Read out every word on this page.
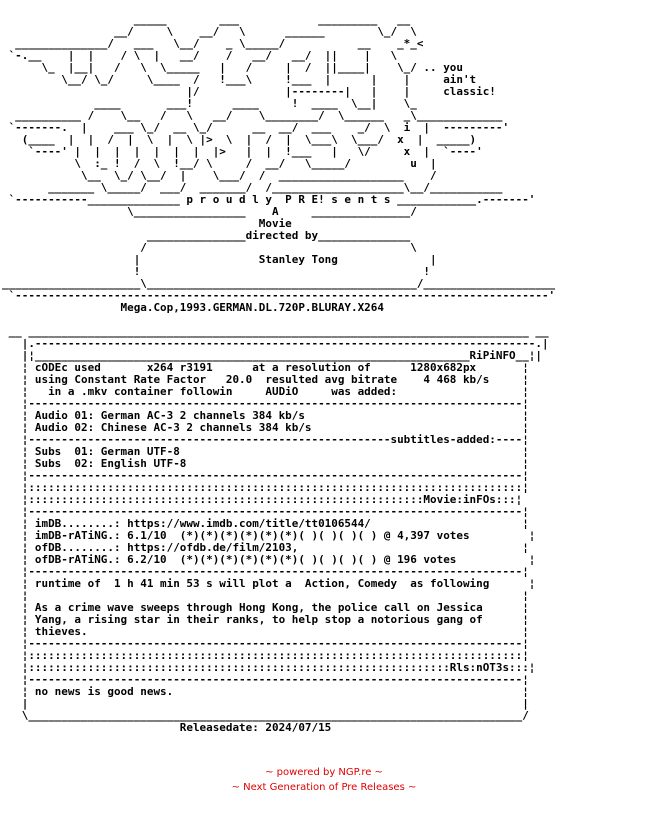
_____        ___            _________   __
__/     \    __/   \      ______        \_/  \
______________/   ___   \__/    _ \_____/           __    _*_<
`-.__    |  |    / \  |   __/    /   __/   __/  ||    |   \
\_  |__|   /   \  \_____   |   /     |  /  ||____|    \_/ .. you
\__/ \_/     \____  /   !___\     !___  |      |    |     ain't
|/             |--------|   |    |     classic!
____       ___!      ____     !  ____  \__|    \_
__________ /    \__   /   \   __/    \________/  \______   _\_____________
`-------.  |    ___ \_/  __ \_/      __  __/  ___    _/  \  i  |  ---------'
(____  |  |  /  |  \  |  \ |>  \  |  /  |  \___\  \___/  x  |  _____)
`----' |  |  |  |  |  |  |  |>   |  |  !___   |   \/     x  |  `----'
\  :_ !  /  \  !__/ \     /  __/   \_____/         u  |
\__  \_/ \__/  |    \___/  /  ___________________    /
_______ \_____/  ___/  _______/  /____________________\__/___________
`-----------______________ p r o u d l y  P R E! s e n t s ____________.-------'
\_________________    A     _______________/
Movie
_______________directed by______________
/                                        \
|                  Stanley Tong              |
!                                           !
_____________________\_________________________________________/____________________
`---------------------------------------------------------------------------------'
Mega.Cop,1993.GERMAN.DL.720P.BLURAY.X264

__ ____________________________________________________________________________ __
|.----------------------------------------------------------------------------.|
|¦__________________________________________________________________RiPiNFO__¦|
¦ cODEc used       x264 r3191      at a resolution of      1280x682px       ¦
¦ using Constant Rate Factor   20.0  resulted avg bitrate    4 468 kb/s     ¦
¦   in a .mkv container followin     AUDiO     was added:                   ¦
¦---------------------------------------------------------------------------¦
¦ Audio 01: German AC-3 2 channels 384 kb/s                                 ¦
¦ Audio 02: Chinese AC-3 2 channels 384 kb/s                                ¦
¦-------------------------------------------------------subtitles-added:----¦
¦ Subs  01: German UTF-8                                                    ¦
¦ Subs  02: English UTF-8                                                   ¦
¦---------------------------------------------------------------------------¦
¦:::::::::::::::::::::::::::::::::::::::::::::::::::::::::::::::::::::::::::¦
¦::::::::::::::::::::::::::::::::::::::::::::::::::::::::::::Movie:inFOs:::¦
¦---------------------------------------------------------------------------¦
¦ imDB........: https://www.imdb.com/title/tt0106544/                       ¦
¦ imDB-rATiNG.: 6.1/10  (*)(*)(*)(*)(*)(*)( )( )( )( ) @ 4,397 votes         ¦
¦ ofDB........: https://ofdb.de/film/2103,                                  ¦
¦ ofDB-rATiNG.: 6.2/10  (*)(*)(*)(*)(*)(*)( )( )( )( ) @ 196 votes           ¦
¦---------------------------------------------------------------------------¦
¦ runtime of  1 h 41 min 53 s will plot a  Action, Comedy  as following      ¦
¦                                                                           ¦
¦ As a crime wave sweeps through Hong Kong, the police call on Jessica      ¦
¦ Yang, a rising star in their ranks, to help stop a notorious gang of      ¦
¦ thieves.                                                                  ¦
¦---------------------------------------------------------------------------¦
¦:::::::::::::::::::::::::::::::::::::::::::::::::::::::::::::::::::::::::::¦
¦::::::::::::::::::::::::::::::::::::::::::::::::::::::::::::::::Rls:nOT3s:::¦
¦---------------------------------------------------------------------------¦
¦ no news is good news.                                                     ¦
|                                                                           |
\___________________________________________________________________________/
Releasedate: 2024/07/15
~ powered by NGP.re ~
~ Next Generation of Pre Releases ~
